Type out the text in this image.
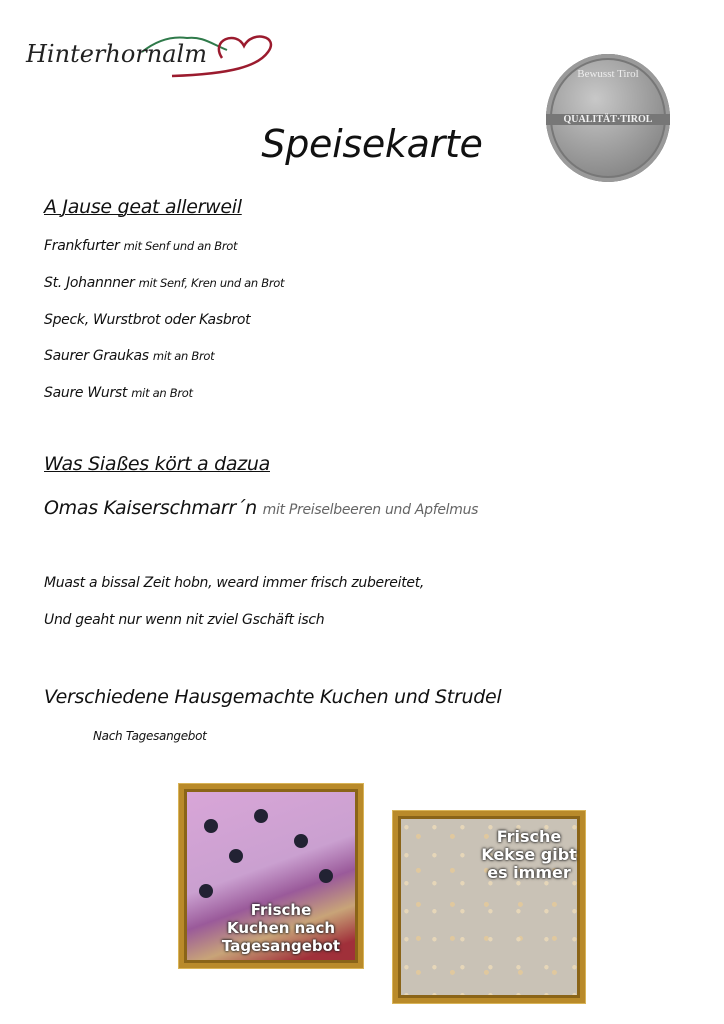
Hinterhornalm
Bewusst Tirol
QUALITÄT·TIROL
Speisekarte
A Jause geat allerweil
Frankfurter mit Senf und an Brot
St. Johannner mit Senf, Kren und an Brot
Speck, Wurstbrot oder Kasbrot
Saurer Graukas mit an Brot
Saure Wurst mit an Brot
Was Siaßes kört a dazua
Omas Kaiserschmarr´n mit Preiselbeeren und Apfelmus
Muast a bissal Zeit hobn, weard immer frisch zubereitet,
Und geaht nur wenn nit zviel Gschäft isch
Verschiedene Hausgemachte Kuchen und Strudel
Nach Tagesangebot
Frische
Kuchen nach
Tagesangebot
Frische
Kekse gibt
es immer
